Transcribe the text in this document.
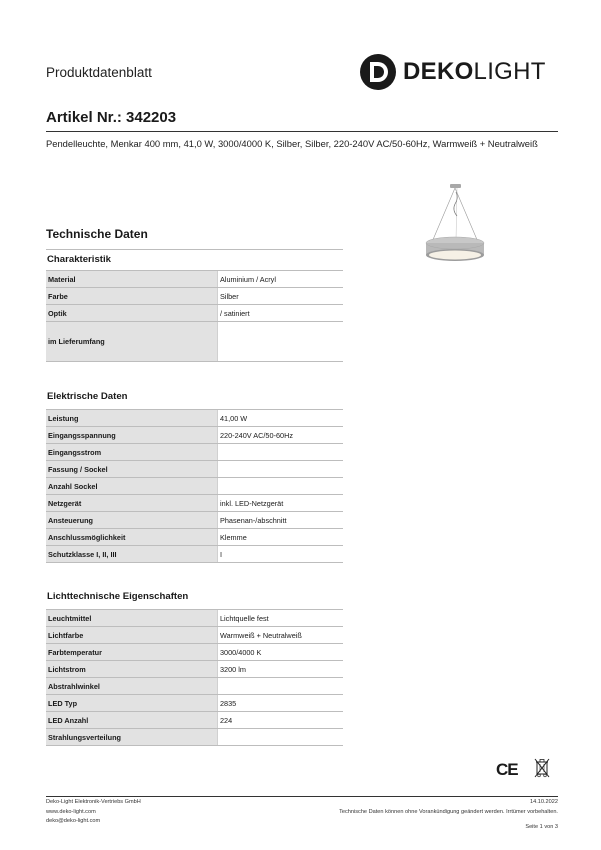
Produktdatenblatt	DEKOLIGHT
Artikel Nr.: 342203
Pendelleuchte, Menkar 400 mm, 41,0 W, 3000/4000 K, Silber, Silber, 220-240V AC/50-60Hz, Warmweiß + Neutralweiß
Technische Daten
Charakteristik
Material	Aluminium / Acryl
Farbe	Silber
Optik	/ satiniert
im Lieferumfang
Elektrische Daten
Leistung	41,00 W
Eingangsspannung	220-240V AC/50-60Hz
Eingangsstrom
Fassung / Sockel
Anzahl Sockel
Netzgerät	inkl. LED-Netzgerät
Ansteuerung	Phasenan-/abschnitt
Anschlussmöglichkeit	Klemme
Schutzklasse I, II, III	I
Lichttechnische Eigenschaften
Leuchtmittel	Lichtquelle fest
Lichtfarbe	Warmweiß + Neutralweiß
Farbtemperatur	3000/4000 K
Lichtstrom	3200 lm
Abstrahlwinkel
LED Typ	2835
LED Anzahl	224
Strahlungsverteilung
CE
Deko-Light Elektronik-Vertriebs GmbH
www.deko-light.com
deko@deko-light.com
14.10.2022
Technische Daten können ohne Vorankündigung geändert werden. Irrtümer vorbehalten.
Seite 1 von 3
